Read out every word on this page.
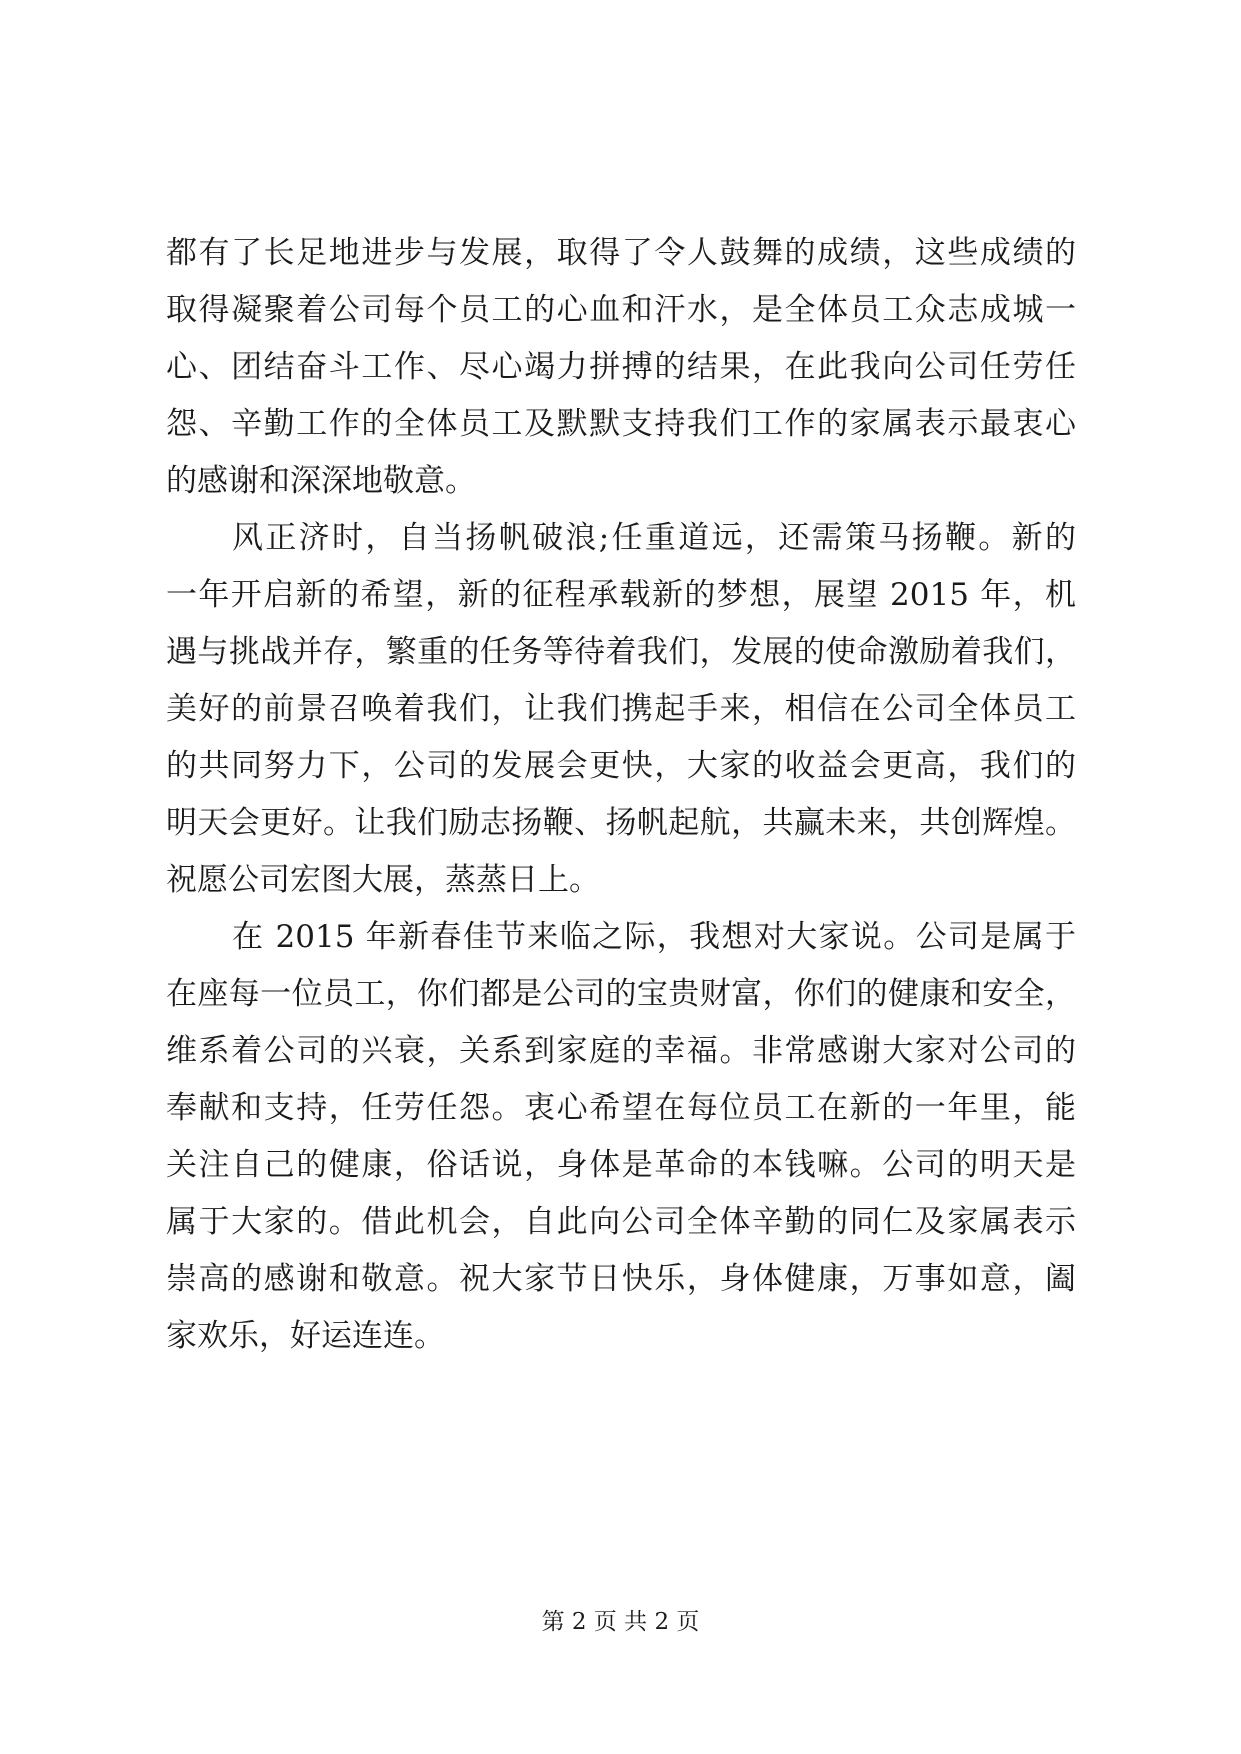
都有了长足地进步与发展，取得了令人鼓舞的成绩，这些成绩的
取得凝聚着公司每个员工的心血和汗水，是全体员工众志成城一
心、团结奋斗工作、尽心竭力拼搏的结果，在此我向公司任劳任
怨、辛勤工作的全体员工及默默支持我们工作的家属表示最衷心
的感谢和深深地敬意。
风正济时，自当扬帆破浪;任重道远，还需策马扬鞭。新的
一年开启新的希望，新的征程承载新的梦想，展望 2015 年，机
遇与挑战并存，繁重的任务等待着我们，发展的使命激励着我们，
美好的前景召唤着我们，让我们携起手来，相信在公司全体员工
的共同努力下，公司的发展会更快，大家的收益会更高，我们的
明天会更好。让我们励志扬鞭、扬帆起航，共赢未来，共创辉煌。
祝愿公司宏图大展，蒸蒸日上。
在 2015 年新春佳节来临之际，我想对大家说。公司是属于
在座每一位员工，你们都是公司的宝贵财富，你们的健康和安全，
维系着公司的兴衰，关系到家庭的幸福。非常感谢大家对公司的
奉献和支持，任劳任怨。衷心希望在每位员工在新的一年里，能
关注自己的健康，俗话说，身体是革命的本钱嘛。公司的明天是
属于大家的。借此机会，自此向公司全体辛勤的同仁及家属表示
崇高的感谢和敬意。祝大家节日快乐，身体健康，万事如意，阖
家欢乐，好运连连。
第 2 页 共 2 页
